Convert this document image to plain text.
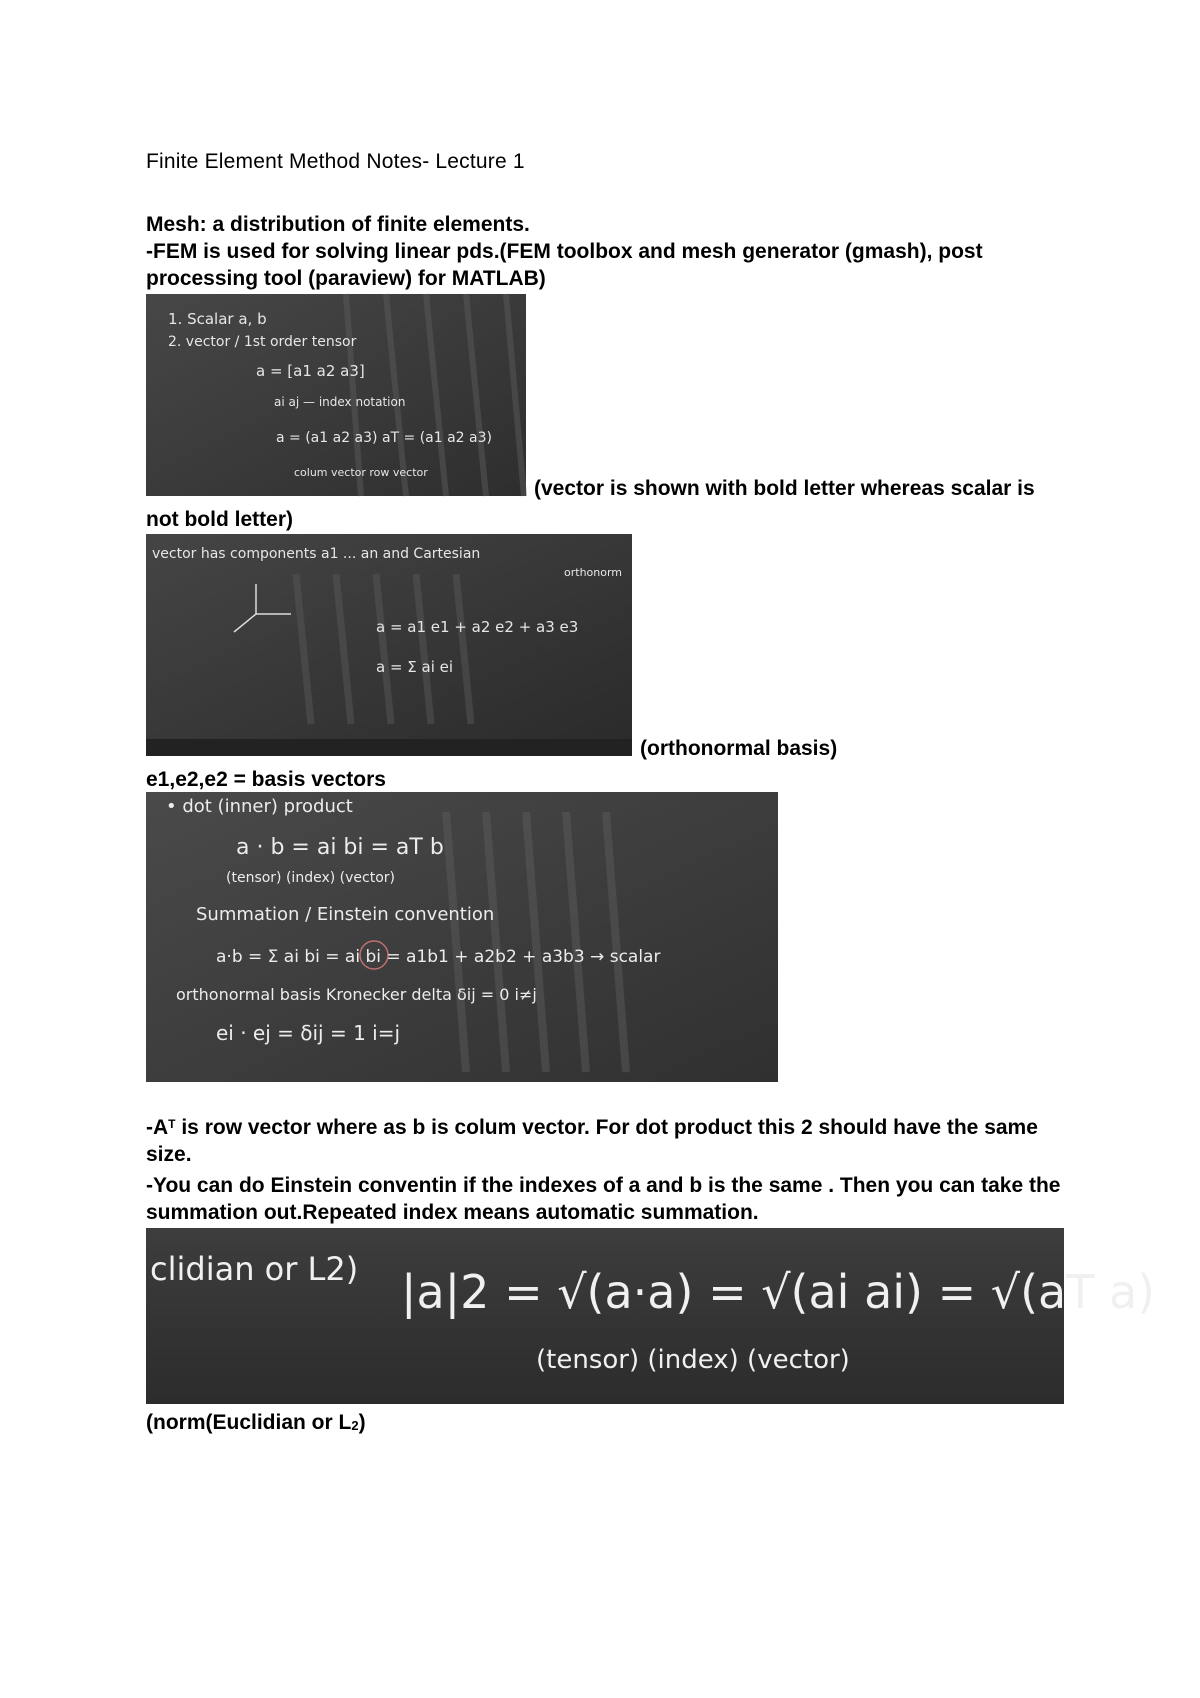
Finite Element Method Notes- Lecture 1
Mesh: a distribution of finite elements.
-FEM is used for solving linear pds.(FEM toolbox and mesh generator (gmash), post
processing tool (paraview) for MATLAB)
1. Scalar a, b
2. vector / 1st order tensor
a = [a1 a2 a3]
ai aj — index notation
a = (a1 a2 a3) aT = (a1 a2 a3)
colum vector row vector
(vector is shown with bold letter whereas scalar is
not bold letter)
vector has components a1 ... an and Cartesian
orthonorm
a = a1 e1 + a2 e2 + a3 e3
a = Σ ai ei
(orthonormal basis)
e1,e2,e2 = basis vectors
• dot (inner) product
a · b = ai bi = aT b
(tensor) (index) (vector)
Summation / Einstein convention
a·b = Σ ai bi = ai bi = a1b1 + a2b2 + a3b3 → scalar
orthonormal basis Kronecker delta δij = 0 i≠j
ei · ej = δij = 1 i=j
$-A^T$ is row vector where as b is colum vector. For dot product this 2 should have the same
size.
-You can do Einstein conventin if the indexes of a and b is the same . Then you can take the
summation out.Repeated index means automatic summation.
clidian or L2) |a|2 = √(a·a) = √(ai ai) = √(aT a)
(tensor) (index) (vector)
(norm(Euclidian or $L_2$)
